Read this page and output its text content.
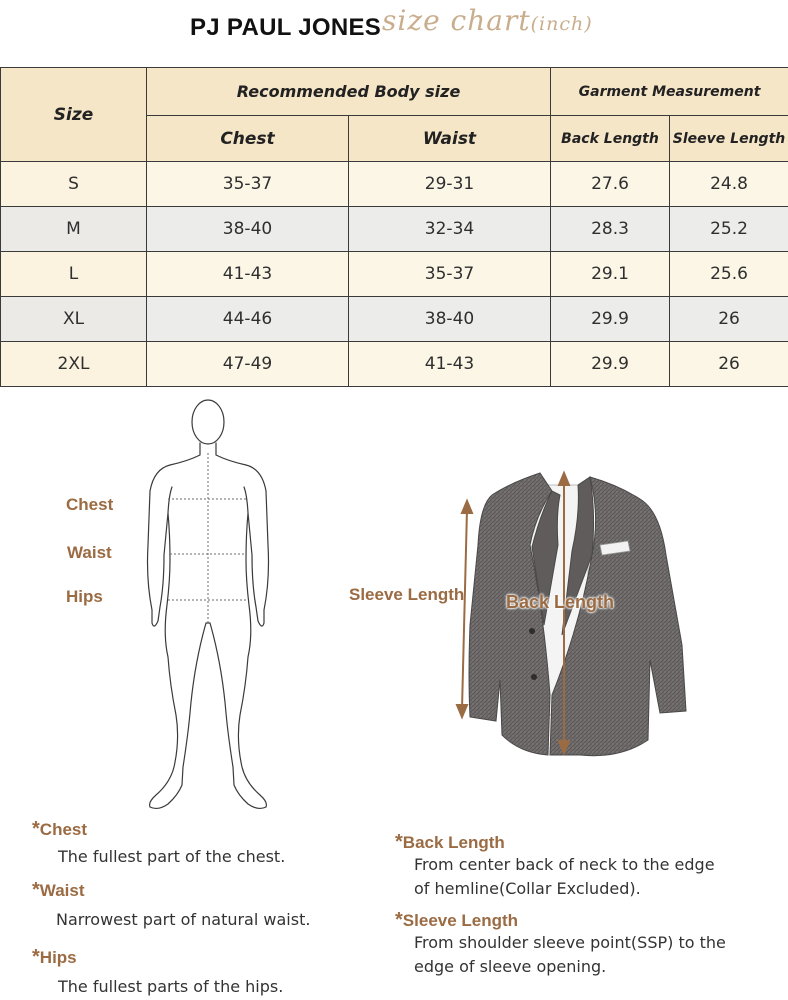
PJ PAUL JONES size chart(inch)
Size	Recommended Body size		Garment Measurement	
	Chest	Waist	Back Length	Sleeve Length
S	35-37	29-31	27.6	24.8
M	38-40	32-34	28.3	25.2
L	41-43	35-37	29.1	25.6
XL	44-46	38-40	29.9	26
2XL	47-49	41-43	29.9	26
Chest
Waist
Hips	Sleeve Length Back Length
*Chest
The fullest part of the chest.
*Waist
Narrowest part of natural waist.
*Hips
The fullest parts of the hips.
*Back Length
From center back of neck to the edge
of hemline(Collar Excluded).
*Sleeve Length
From shoulder sleeve point(SSP) to the
edge of sleeve opening.
